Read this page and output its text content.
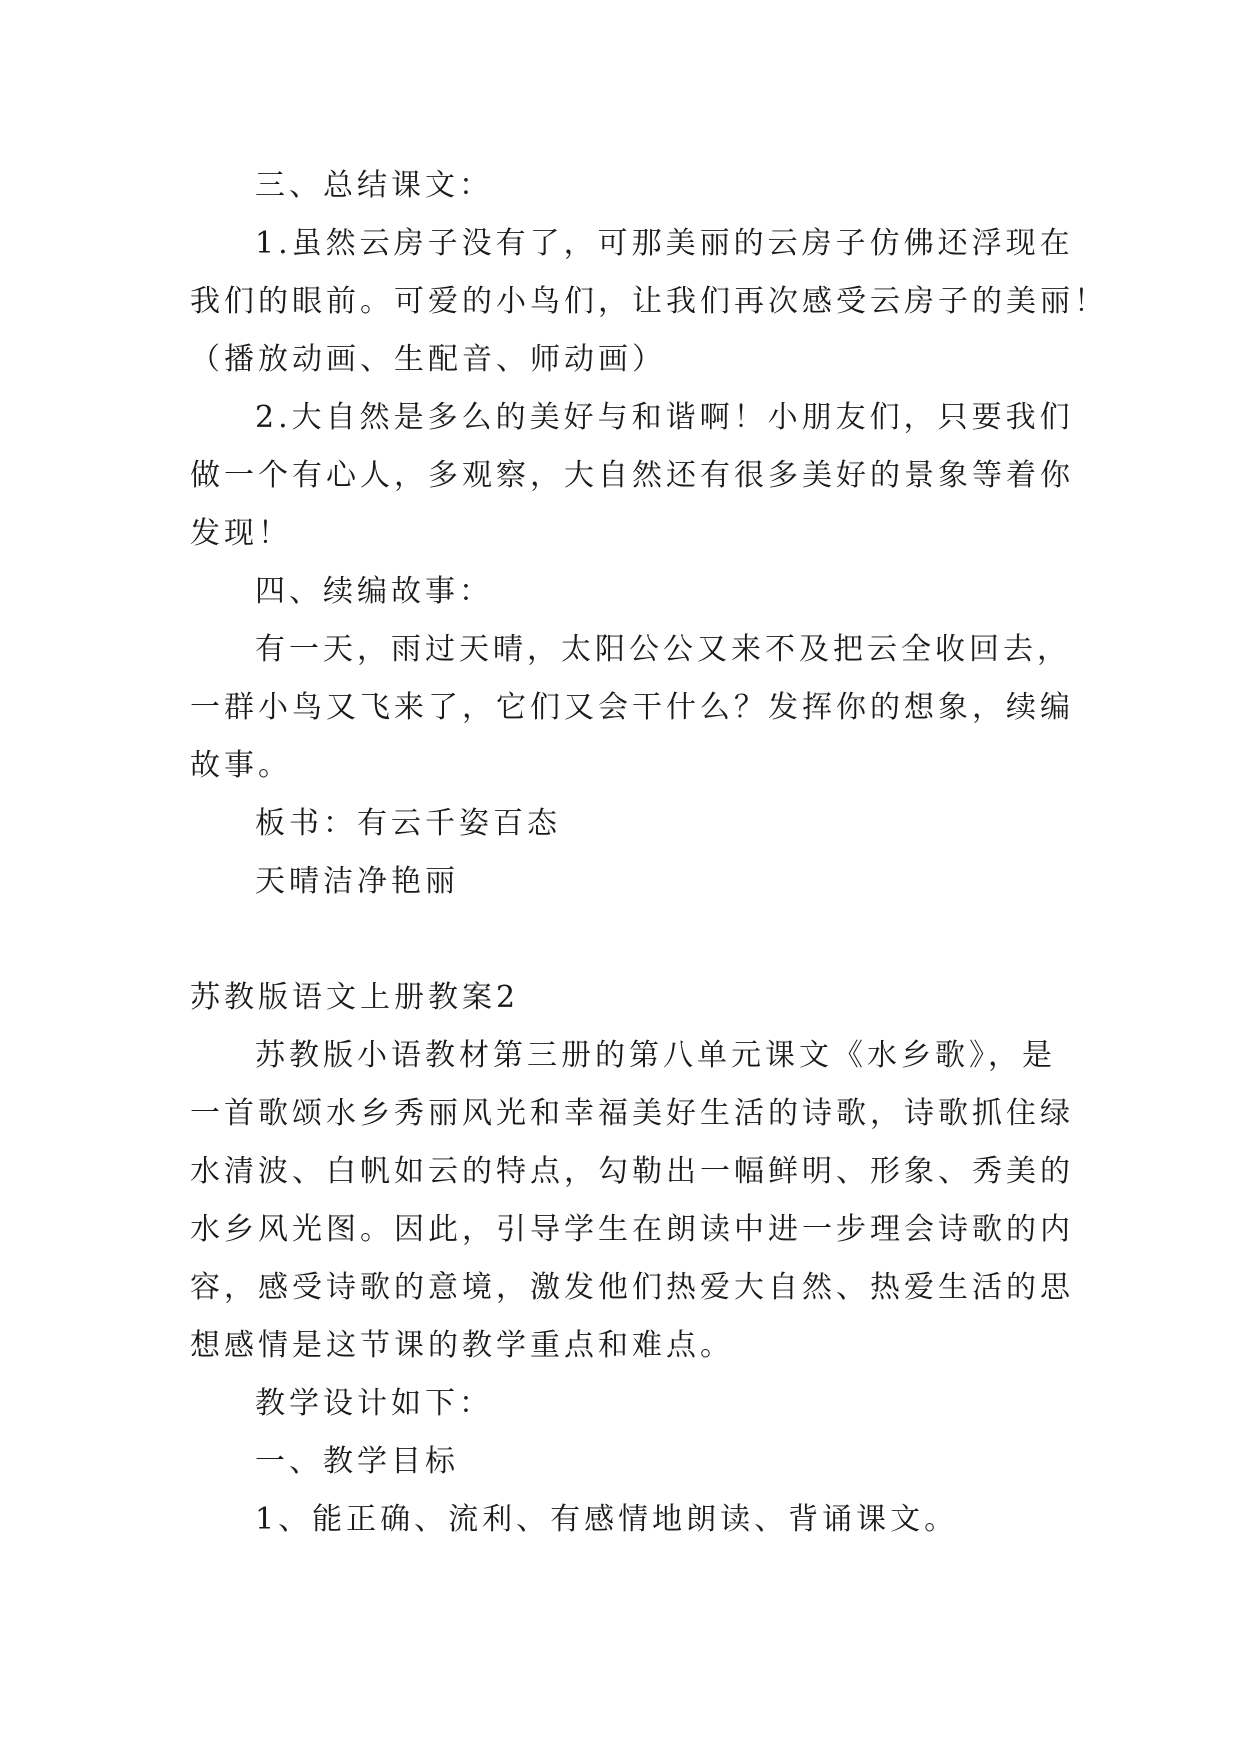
三、总结课文：
1.虽然云房子没有了，可那美丽的云房子仿佛还浮现在
我们的眼前。可爱的小鸟们，让我们再次感受云房子的美丽！
（播放动画、生配音、师动画）
2.大自然是多么的美好与和谐啊！小朋友们，只要我们
做一个有心人，多观察，大自然还有很多美好的景象等着你
发现！
四、续编故事：
有一天，雨过天晴，太阳公公又来不及把云全收回去，
一群小鸟又飞来了，它们又会干什么？发挥你的想象，续编
故事。
板书：有云千姿百态
天晴洁净艳丽
苏教版语文上册教案2
苏教版小语教材第三册的第八单元课文《水乡歌》，是
一首歌颂水乡秀丽风光和幸福美好生活的诗歌，诗歌抓住绿
水清波、白帆如云的特点，勾勒出一幅鲜明、形象、秀美的
水乡风光图。因此，引导学生在朗读中进一步理会诗歌的内
容，感受诗歌的意境，激发他们热爱大自然、热爱生活的思
想感情是这节课的教学重点和难点。
教学设计如下：
一、教学目标
1、能正确、流利、有感情地朗读、背诵课文。
